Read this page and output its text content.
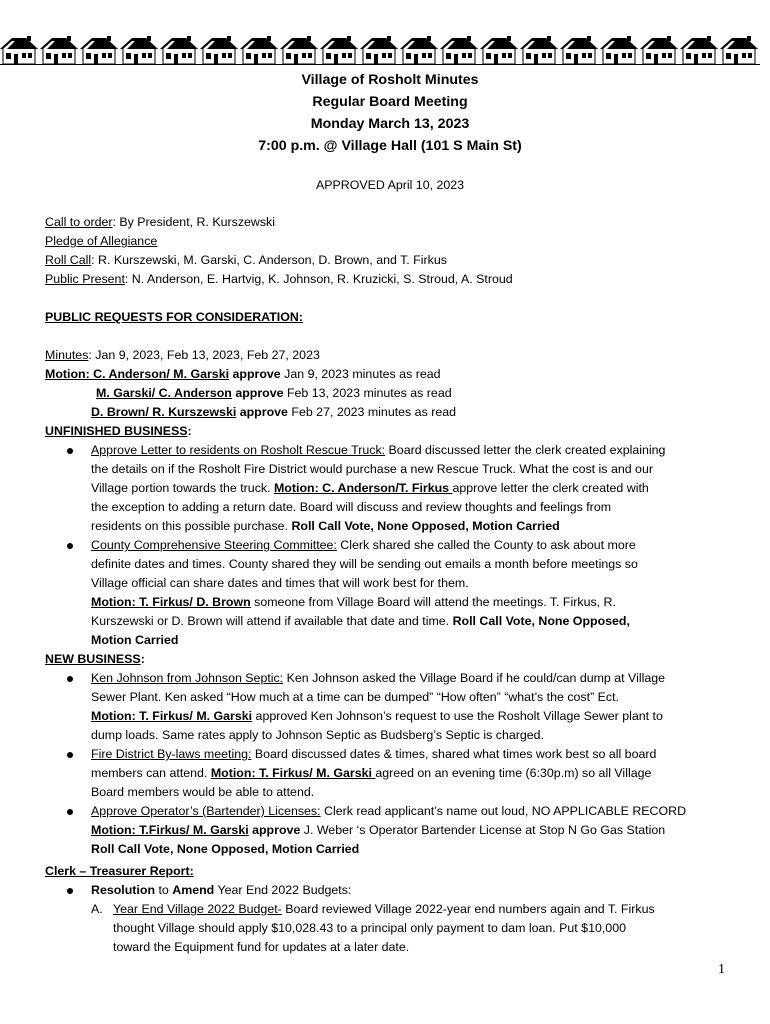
Village of Rosholt Minutes
Regular Board Meeting
Monday March 13, 2023
7:00 p.m. @ Village Hall (101 S Main St)
APPROVED April 10, 2023
Call to order: By President, R. Kurszewski
Pledge of Allegiance
Roll Call: R. Kurszewski, M. Garski, C. Anderson, D. Brown, and T. Firkus
Public Present: N. Anderson, E. Hartvig, K. Johnson, R. Kruzicki, S. Stroud, A. Stroud
PUBLIC REQUESTS FOR CONSIDERATION:
Minutes: Jan 9, 2023, Feb 13, 2023, Feb 27, 2023
Motion: C. Anderson/ M. Garski approve Jan 9, 2023 minutes as read
M. Garski/ C. Anderson approve Feb 13, 2023 minutes as read
D. Brown/ R. Kurszewski approve Feb 27, 2023 minutes as read
UNFINISHED BUSINESS:
Approve Letter to residents on Rosholt Rescue Truck: Board discussed letter the clerk created explaining
the details on if the Rosholt Fire District would purchase a new Rescue Truck. What the cost is and our
Village portion towards the truck. Motion: C. Anderson/T. Firkus approve letter the clerk created with
the exception to adding a return date. Board will discuss and review thoughts and feelings from
residents on this possible purchase. Roll Call Vote, None Opposed, Motion Carried
County Comprehensive Steering Committee: Clerk shared she called the County to ask about more
definite dates and times. County shared they will be sending out emails a month before meetings so
Village official can share dates and times that will work best for them.
Motion: T. Firkus/ D. Brown someone from Village Board will attend the meetings. T. Firkus, R.
Kurszewski or D. Brown will attend if available that date and time. Roll Call Vote, None Opposed,
Motion Carried
NEW BUSINESS:
Ken Johnson from Johnson Septic: Ken Johnson asked the Village Board if he could/can dump at Village
Sewer Plant. Ken asked “How much at a time can be dumped” “How often” “what’s the cost” Ect.
Motion: T. Firkus/ M. Garski approved Ken Johnson’s request to use the Rosholt Village Sewer plant to
dump loads. Same rates apply to Johnson Septic as Budsberg’s Septic is charged.
Fire District By-laws meeting: Board discussed dates & times, shared what times work best so all board
members can attend. Motion: T. Firkus/ M. Garski agreed on an evening time (6:30p.m) so all Village
Board members would be able to attend.
Approve Operator’s (Bartender) Licenses: Clerk read applicant’s name out loud, NO APPLICABLE RECORD
Motion: T.Firkus/ M. Garski approve J. Weber ‘s Operator Bartender License at Stop N Go Gas Station
Roll Call Vote, None Opposed, Motion Carried
Clerk – Treasurer Report:
Resolution to Amend Year End 2022 Budgets:
A. Year End Village 2022 Budget- Board reviewed Village 2022-year end numbers again and T. Firkus
thought Village should apply $10,028.43 to a principal only payment to dam loan. Put $10,000
toward the Equipment fund for updates at a later date.
1
